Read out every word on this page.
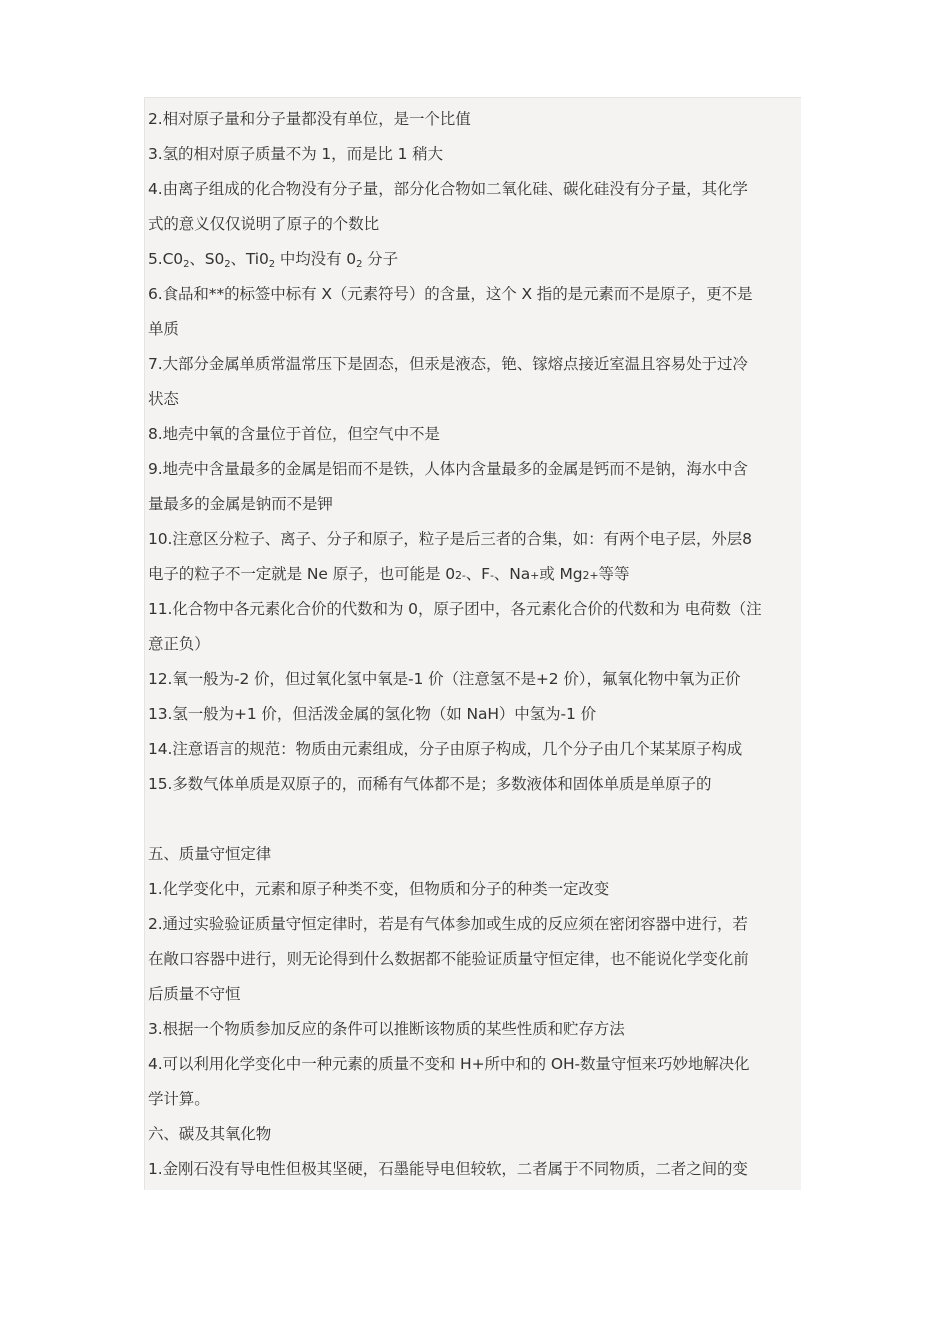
2.相对原子量和分子量都没有单位，是一个比值
3.氢的相对原子质量不为 1，而是比 1 稍大
4.由离子组成的化合物没有分子量，部分化合物如二氧化硅、碳化硅没有分子量，其化学
式的意义仅仅说明了原子的个数比
$5.C0_2$、$S0_2$、$Ti0_2$ 中均没有 $0_2$ 分子
6.食品和**的标签中标有 X（元素符号）的含量，这个 X 指的是元素而不是原子，更不是
单质
7.大部分金属单质常温常压下是固态，但汞是液态，铯、镓熔点接近室温且容易处于过冷
状态
8.地壳中氧的含量位于首位，但空气中不是
9.地壳中含量最多的金属是铝而不是铁，人体内含量最多的金属是钙而不是钠，海水中含
量最多的金属是钠而不是钾
10.注意区分粒子、离子、分子和原子，粒子是后三者的合集，如：有两个电子层，外层8
电子的粒子不一定就是 Ne 原子，也可能是 02-、F-、Na+或 Mg2+等等
11.化合物中各元素化合价的代数和为 0，原子团中，各元素化合价的代数和为 电荷数（注
意正负）
12.氧一般为-2 价，但过氧化氢中氧是-1 价（注意氢不是+2 价），氟氧化物中氧为正价
13.氢一般为+1 价，但活泼金属的氢化物（如 NaH）中氢为-1 价
14.注意语言的规范：物质由元素组成，分子由原子构成，几个分子由几个某某原子构成
15.多数气体单质是双原子的，而稀有气体都不是；多数液体和固体单质是单原子的
五、质量守恒定律
1.化学变化中，元素和原子种类不变，但物质和分子的种类一定改变
2.通过实验验证质量守恒定律时，若是有气体参加或生成的反应须在密闭容器中进行，若
在敞口容器中进行，则无论得到什么数据都不能验证质量守恒定律，也不能说化学变化前
后质量不守恒
3.根据一个物质参加反应的条件可以推断该物质的某些性质和贮存方法
4.可以利用化学变化中一种元素的质量不变和 H+所中和的 OH-数量守恒来巧妙地解决化
学计算。
六、碳及其氧化物
1.金刚石没有导电性但极其坚硬，石墨能导电但较软，二者属于不同物质，二者之间的变
